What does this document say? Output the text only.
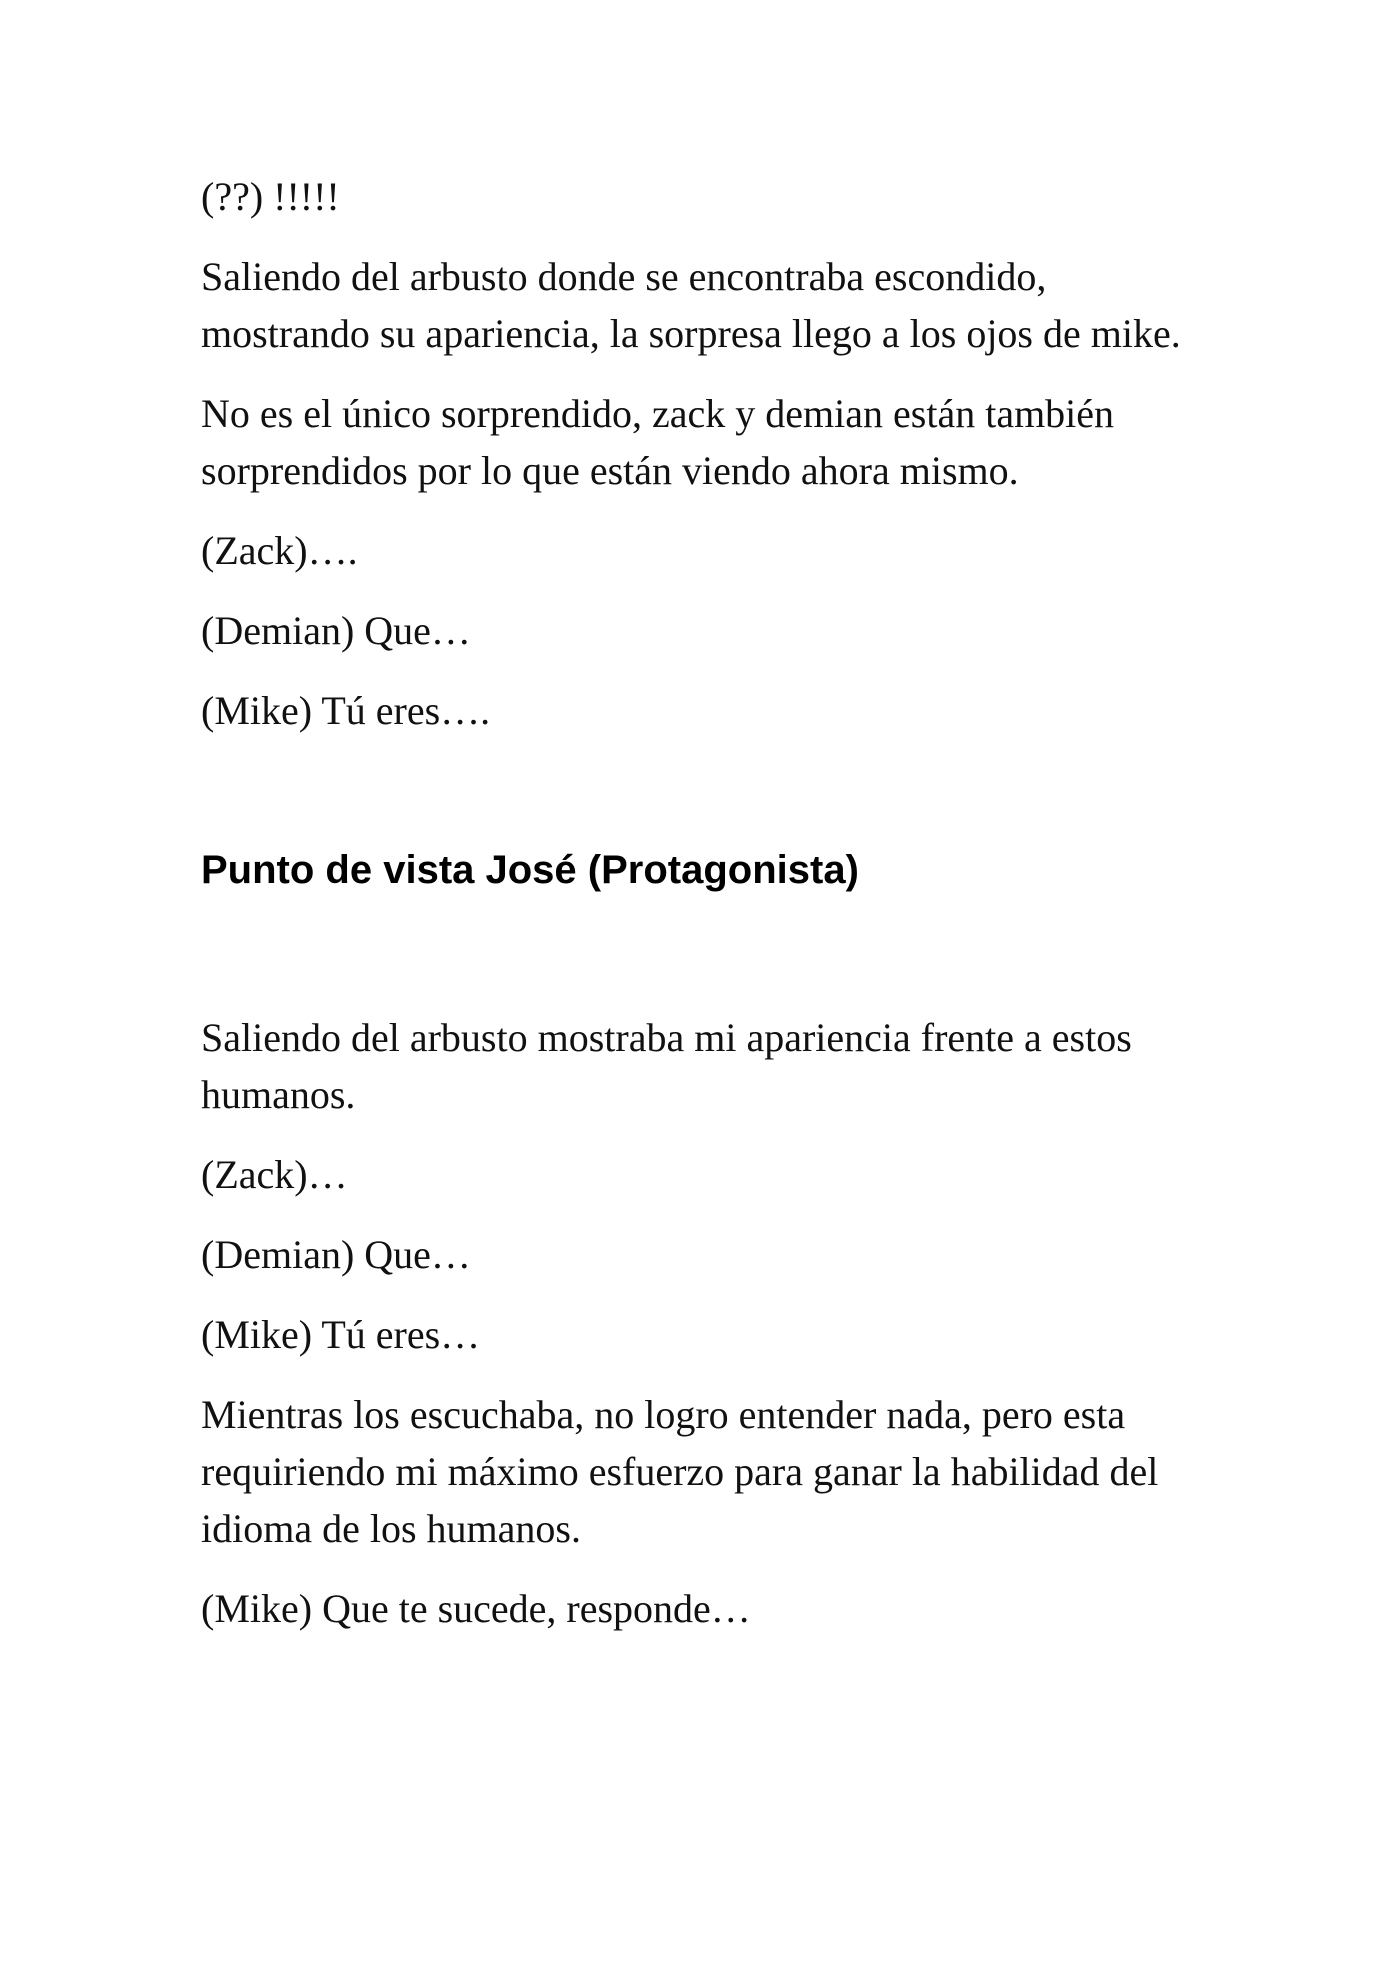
(??) !!!!!

Saliendo del arbusto donde se encontraba escondido, mostrando su apariencia, la sorpresa llego a los ojos de mike.

No es el único sorprendido, zack y demian están también sorprendidos por lo que están viendo ahora mismo.

(Zack)….

(Demian) Que…

(Mike) Tú eres….

Punto de vista José (Protagonista)

Saliendo del arbusto mostraba mi apariencia frente a estos humanos.

(Zack)…

(Demian) Que…

(Mike) Tú eres…

Mientras los escuchaba, no logro entender nada, pero esta requiriendo mi máximo esfuerzo para ganar la habilidad del idioma de los humanos.

(Mike) Que te sucede, responde…
